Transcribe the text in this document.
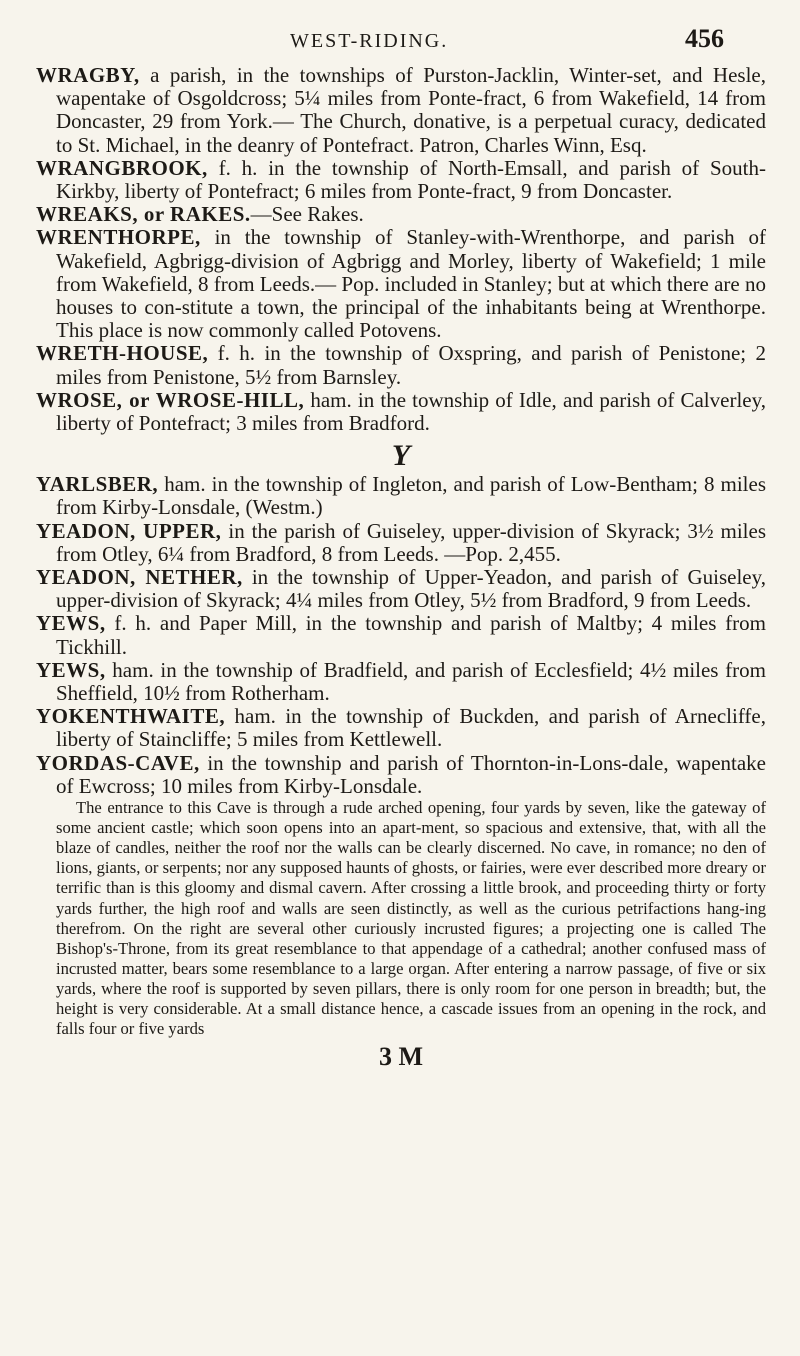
WEST-RIDING.	456

WRAGBY, a parish, in the townships of Purston-Jacklin, Winter-set, and Hesle, wapentake of Osgoldcross; 5¼ miles from Ponte-fract, 6 from Wakefield, 14 from Doncaster, 29 from York.— The Church, donative, is a perpetual curacy, dedicated to St. Michael, in the deanry of Pontefract. Patron, Charles Winn, Esq.

WRANGBROOK, f. h. in the township of North-Emsall, and parish of South-Kirkby, liberty of Pontefract; 6 miles from Ponte-fract, 9 from Doncaster.

WREAKS, or RAKES.—See Rakes.

WRENTHORPE, in the township of Stanley-with-Wrenthorpe, and parish of Wakefield, Agbrigg-division of Agbrigg and Morley, liberty of Wakefield; 1 mile from Wakefield, 8 from Leeds.— Pop. included in Stanley; but at which there are no houses to con-stitute a town, the principal of the inhabitants being at Wrenthorpe. This place is now commonly called Potovens.

WRETH-HOUSE, f. h. in the township of Oxspring, and parish of Penistone; 2 miles from Penistone, 5½ from Barnsley.

WROSE, or WROSE-HILL, ham. in the township of Idle, and parish of Calverley, liberty of Pontefract; 3 miles from Bradford.

Y

YARLSBER, ham. in the township of Ingleton, and parish of Low-Bentham; 8 miles from Kirby-Lonsdale, (Westm.)

YEADON, UPPER, in the parish of Guiseley, upper-division of Skyrack; 3½ miles from Otley, 6¼ from Bradford, 8 from Leeds. —Pop. 2,455.

YEADON, NETHER, in the township of Upper-Yeadon, and parish of Guiseley, upper-division of Skyrack; 4¼ miles from Otley, 5½ from Bradford, 9 from Leeds.

YEWS, f. h. and Paper Mill, in the township and parish of Maltby; 4 miles from Tickhill.

YEWS, ham. in the township of Bradfield, and parish of Ecclesfield; 4½ miles from Sheffield, 10½ from Rotherham.

YOKENTHWAITE, ham. in the township of Buckden, and parish of Arnecliffe, liberty of Staincliffe; 5 miles from Kettlewell.

YORDAS-CAVE, in the township and parish of Thornton-in-Lons-dale, wapentake of Ewcross; 10 miles from Kirby-Lonsdale.

The entrance to this Cave is through a rude arched opening, four yards by seven, like the gateway of some ancient castle; which soon opens into an apart-ment, so spacious and extensive, that, with all the blaze of candles, neither the roof nor the walls can be clearly discerned. No cave, in romance; no den of lions, giants, or serpents; nor any supposed haunts of ghosts, or fairies, were ever described more dreary or terrific than is this gloomy and dismal cavern. After crossing a little brook, and proceeding thirty or forty yards further, the high roof and walls are seen distinctly, as well as the curious petrifactions hang-ing therefrom. On the right are several other curiously incrusted figures; a projecting one is called The Bishop's-Throne, from its great resemblance to that appendage of a cathedral; another confused mass of incrusted matter, bears some resemblance to a large organ. After entering a narrow passage, of five or six yards, where the roof is supported by seven pillars, there is only room for one person in breadth; but, the height is very considerable. At a small distance hence, a cascade issues from an opening in the rock, and falls four or five yards

3 M
